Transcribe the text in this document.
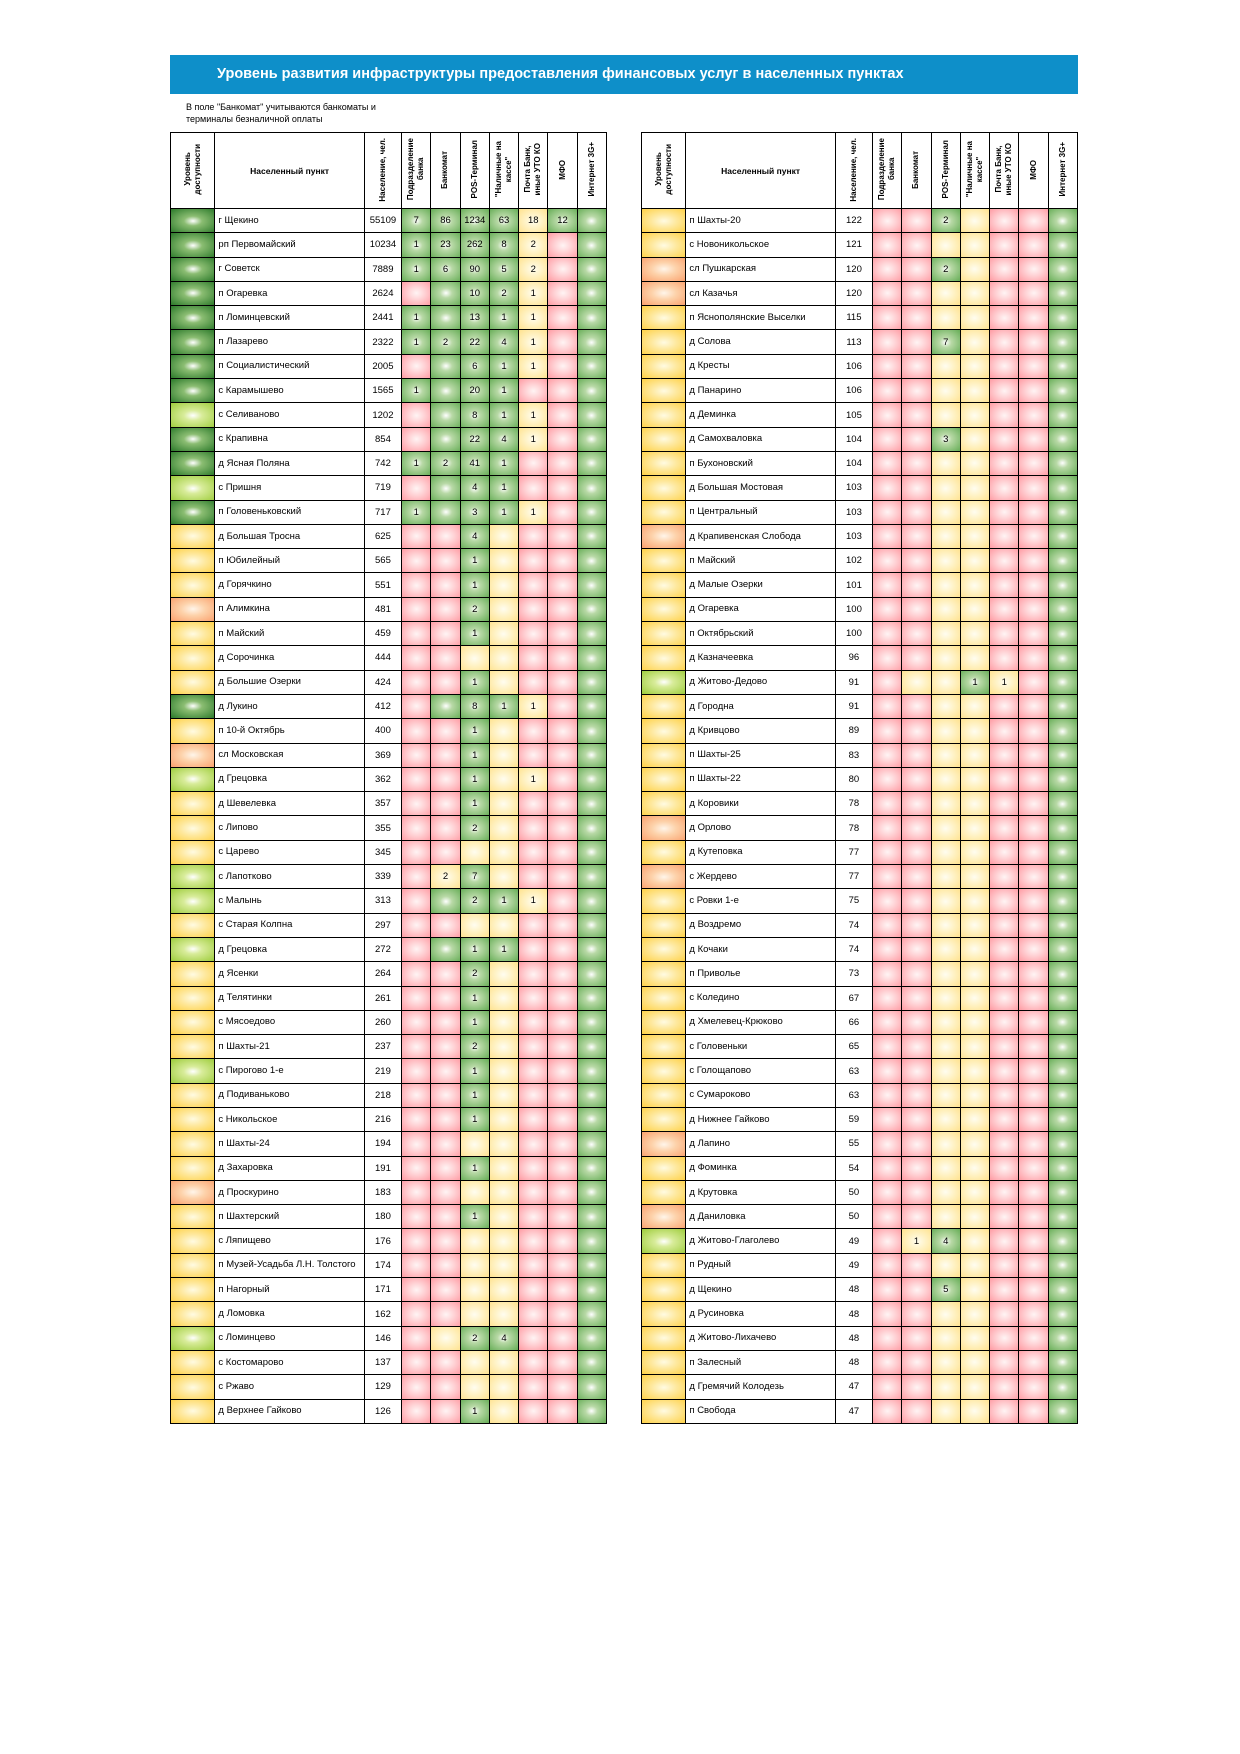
Уровень развития инфраструктуры предоставления финансовых услуг в населенных пунктах
В поле "Банкомат" учитываются банкоматы и терминалы безналичной оплаты
Уровень
доступности	Населенный пункт	Население, чел.	Подразделение
банка	Банкомат	POS-Терминал	"Наличные на
кассе"	Почта Банк,
иные УТО КО	МФО	Интернет 3G+
	г Щекино	55109	7	86	1234	63	18	12	
	рп Первомайский	10234	1	23	262	8	2		
	г Советск	7889	1	6	90	5	2		
	п Огаревка	2624			10	2	1		
	п Ломинцевский	2441	1		13	1	1		
	п Лазарево	2322	1	2	22	4	1		
	п Социалистический	2005			6	1	1		
	с Карамышево	1565	1		20	1			
	с Селиваново	1202			8	1	1		
	с Крапивна	854			22	4	1		
	д Ясная Поляна	742	1	2	41	1			
	с Пришня	719			4	1			
	п Головеньковский	717	1		3	1	1		
	д Большая Тросна	625			4				
	п Юбилейный	565			1				
	д Горячкино	551			1				
	п Алимкина	481			2				
	п Майский	459			1				
	д Сорочинка	444							
	д Большие Озерки	424			1				
	д Лукино	412			8	1	1		
	п 10-й Октябрь	400			1				
	сл Московская	369			1				
	д Грецовка	362			1		1		
	д Шевелевка	357			1				
	с Липово	355			2				
	с Царево	345							
	с Лапотково	339		2	7				
	с Малынь	313			2	1	1		
	с Старая Колпна	297							
	д Грецовка	272			1	1			
	д Ясенки	264			2				
	д Телятинки	261			1				
	с Мясоедово	260			1				
	п Шахты-21	237			2				
	с Пирогово 1-е	219			1				
	д Подиваньково	218			1				
	с Никольское	216			1				
	п Шахты-24	194							
	д Захаровка	191			1				
	д Проскурино	183							
	п Шахтерский	180			1				
	с Ляпищево	176							
	п Музей-Усадьба Л.Н. Толстого	174							
	п Нагорный	171							
	д Ломовка	162							
	с Ломинцево	146			2	4			
	с Костомарово	137							
	с Ржаво	129							
	д Верхнее Гайково	126			1				
Уровень
доступности	Населенный пункт	Население, чел.	Подразделение
банка	Банкомат	POS-Терминал	"Наличные на
кассе"	Почта Банк,
иные УТО КО	МФО	Интернет 3G+
	п Шахты-20	122			2				
	с Новоникольское	121							
	сл Пушкарская	120			2				
	сл Казачья	120							
	п Яснополянские Выселки	115							
	д Солова	113			7				
	д Кресты	106							
	д Панарино	106							
	д Деминка	105							
	д Самохваловка	104			3				
	п Бухоновский	104							
	д Большая Мостовая	103							
	п Центральный	103							
	д Крапивенская Слобода	103							
	п Майский	102							
	д Малые Озерки	101							
	д Огаревка	100							
	п Октябрьский	100							
	д Казначеевка	96							
	д Житово-Дедово	91				1	1		
	д Городна	91							
	д Кривцово	89							
	п Шахты-25	83							
	п Шахты-22	80							
	д Коровики	78							
	д Орлово	78							
	д Кутеповка	77							
	с Жердево	77							
	с Ровки 1-е	75							
	д Воздремо	74							
	д Кочаки	74							
	п Приволье	73							
	с Коледино	67							
	д Хмелевец-Крюково	66							
	с Головеньки	65							
	с Голощапово	63							
	с Сумароково	63							
	д Нижнее Гайково	59							
	д Лапино	55							
	д Фоминка	54							
	д Крутовка	50							
	д Даниловка	50							
	д Житово-Глаголево	49		1	4				
	п Рудный	49							
	д Щекино	48			5				
	д Русиновка	48							
	д Житово-Лихачево	48							
	п Залесный	48							
	д Гремячий Колодезь	47							
	п Свобода	47							
